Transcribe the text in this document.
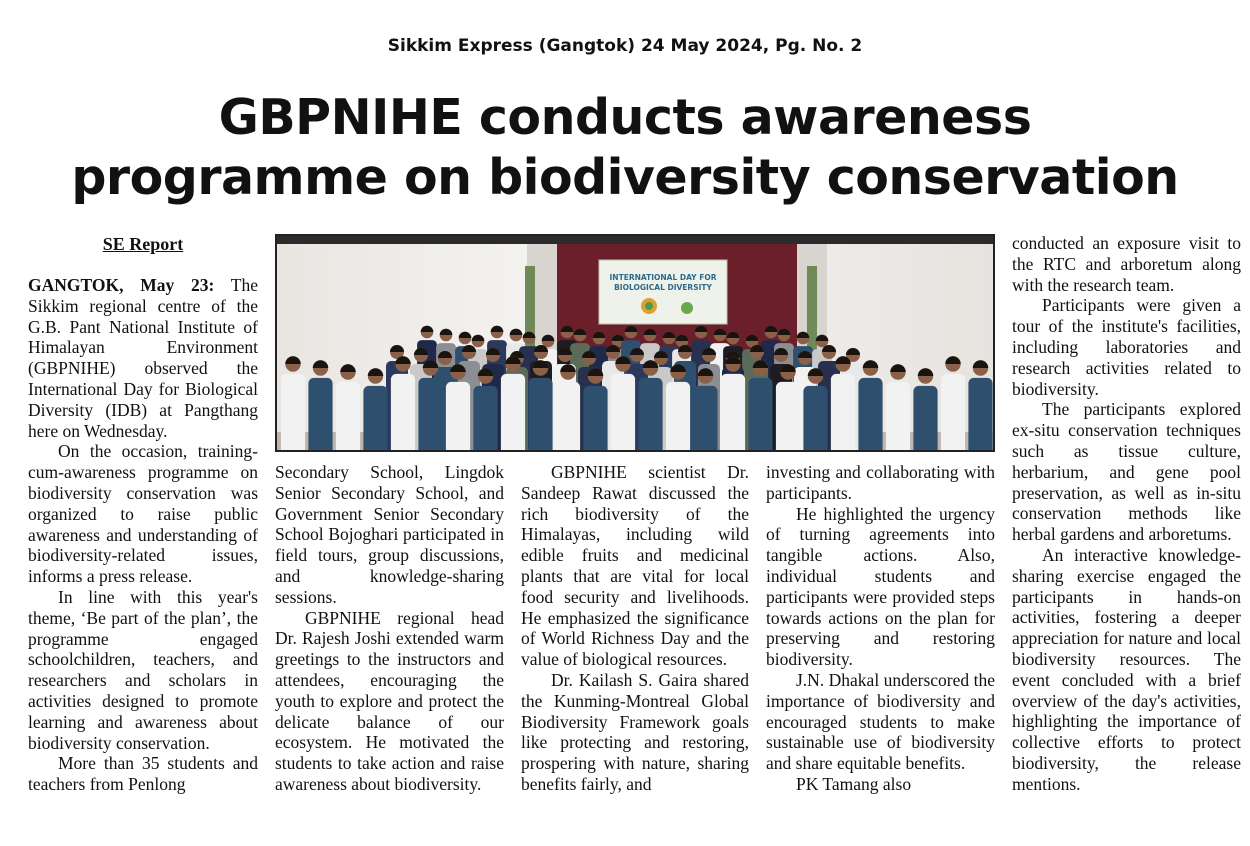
Sikkim Express (Gangtok) 24 May 2024, Pg. No. 2
GBPNIHE conducts awareness
programme on biodiversity conservation
SE Report

GANGTOK, May 23: The Sikkim regional centre of the G.B. Pant National Institute of Himalayan Environment (GBPNIHE) observed the International Day for Biological Diversity (IDB) at Pangthang here on Wednesday.

On the occasion, training-cum-awareness programme on biodiversity conservation was organized to raise public awareness and understanding of biodiversity-related issues, informs a press release.

In line with this year's theme, ‘Be part of the plan’, the programme engaged schoolchildren, teachers, and researchers and scholars in activities designed to promote learning and awareness about biodiversity conservation.

More than 35 students and teachers from Penlong

INTERNATIONAL DAY FOR
BIOLOGICAL DIVERSITY

Secondary School, Lingdok Senior Secondary School, and Government Senior Secondary School Bojoghari participated in field tours, group discussions, and knowledge-sharing sessions.

GBPNIHE regional head Dr. Rajesh Joshi extended warm greetings to the instructors and attendees, encouraging the youth to explore and protect the delicate balance of our ecosystem. He motivated the students to take action and raise awareness about biodiversity.

GBPNIHE scientist Dr. Sandeep Rawat discussed the rich biodiversity of the Himalayas, including wild edible fruits and medicinal plants that are vital for local food security and livelihoods. He emphasized the significance of World Richness Day and the value of biological resources.

Dr. Kailash S. Gaira shared the Kunming-Montreal Global Biodiversity Framework goals like protecting and restoring, prospering with nature, sharing benefits fairly, and

investing and collaborating with participants.

He highlighted the urgency of turning agreements into tangible actions. Also, individual students and participants were provided steps towards actions on the plan for preserving and restoring biodiversity.

J.N. Dhakal underscored the importance of biodiversity and encouraged students to make sustainable use of biodiversity and share equitable benefits.

PK Tamang also

conducted an exposure visit to the RTC and arboretum along with the research team.

Participants were given a tour of the institute's facilities, including laboratories and research activities related to biodiversity.

The participants explored ex-situ conservation techniques such as tissue culture, herbarium, and gene pool preservation, as well as in-situ conservation methods like herbal gardens and arboretums.

An interactive knowledge-sharing exercise engaged the participants in hands-on activities, fostering a deeper appreciation for nature and local biodiversity resources. The event concluded with a brief overview of the day's activities, highlighting the importance of collective efforts to protect biodiversity, the release mentions.
